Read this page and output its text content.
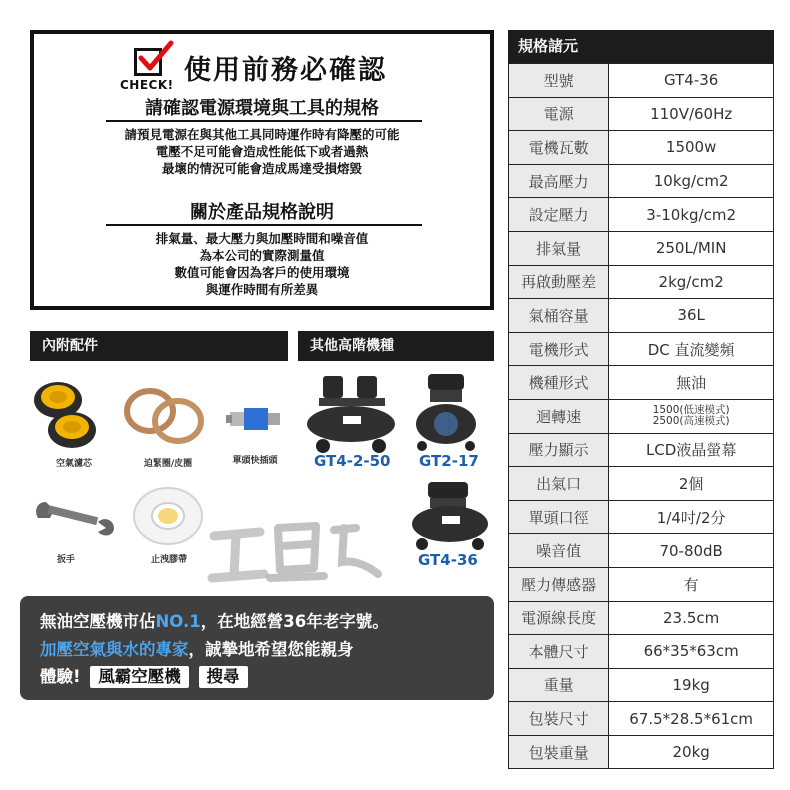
CHECK! 使用前務必確認
請確認電源環境與工具的規格
請預見電源在與其他工具同時運作時有降壓的可能
電壓不足可能會造成性能低下或者過熱
最壞的情況可能會造成馬達受損熔毀
關於產品規格說明
排氣量、最大壓力與加壓時間和噪音值
為本公司的實際測量值
數值可能會因為客戶的使用環境
與運作時間有所差異
內附配件
空氣濾芯	迫緊圈/皮圈	單頭快插頭
扳手	止洩膠帶
其他高階機種
GT4-2-50 GT2-17
GT4-36
無油空壓機市佔NO.1，在地經營36年老字號。
加壓空氣與水的專家，誠摯地希望您能親身
體驗! 風霸空壓機 搜尋
規格諸元
型號	GT4-36
電源	110V/60Hz
電機瓦數	1500w
最高壓力	10kg/cm2
設定壓力	3-10kg/cm2
排氣量	250L/MIN
再啟動壓差	2kg/cm2
氣桶容量	36L
電機形式	DC 直流變頻
機種形式	無油
迴轉速	1500(低速模式)
2500(高速模式)

壓力顯示	LCD液晶螢幕
出氣口	2個
單頭口徑	1/4吋/2分
噪音值	70-80dB
壓力傳感器	有
電源線長度	23.5cm
本體尺寸	66*35*63cm
重量	19kg
包裝尺寸	67.5*28.5*61cm
包裝重量	20kg
